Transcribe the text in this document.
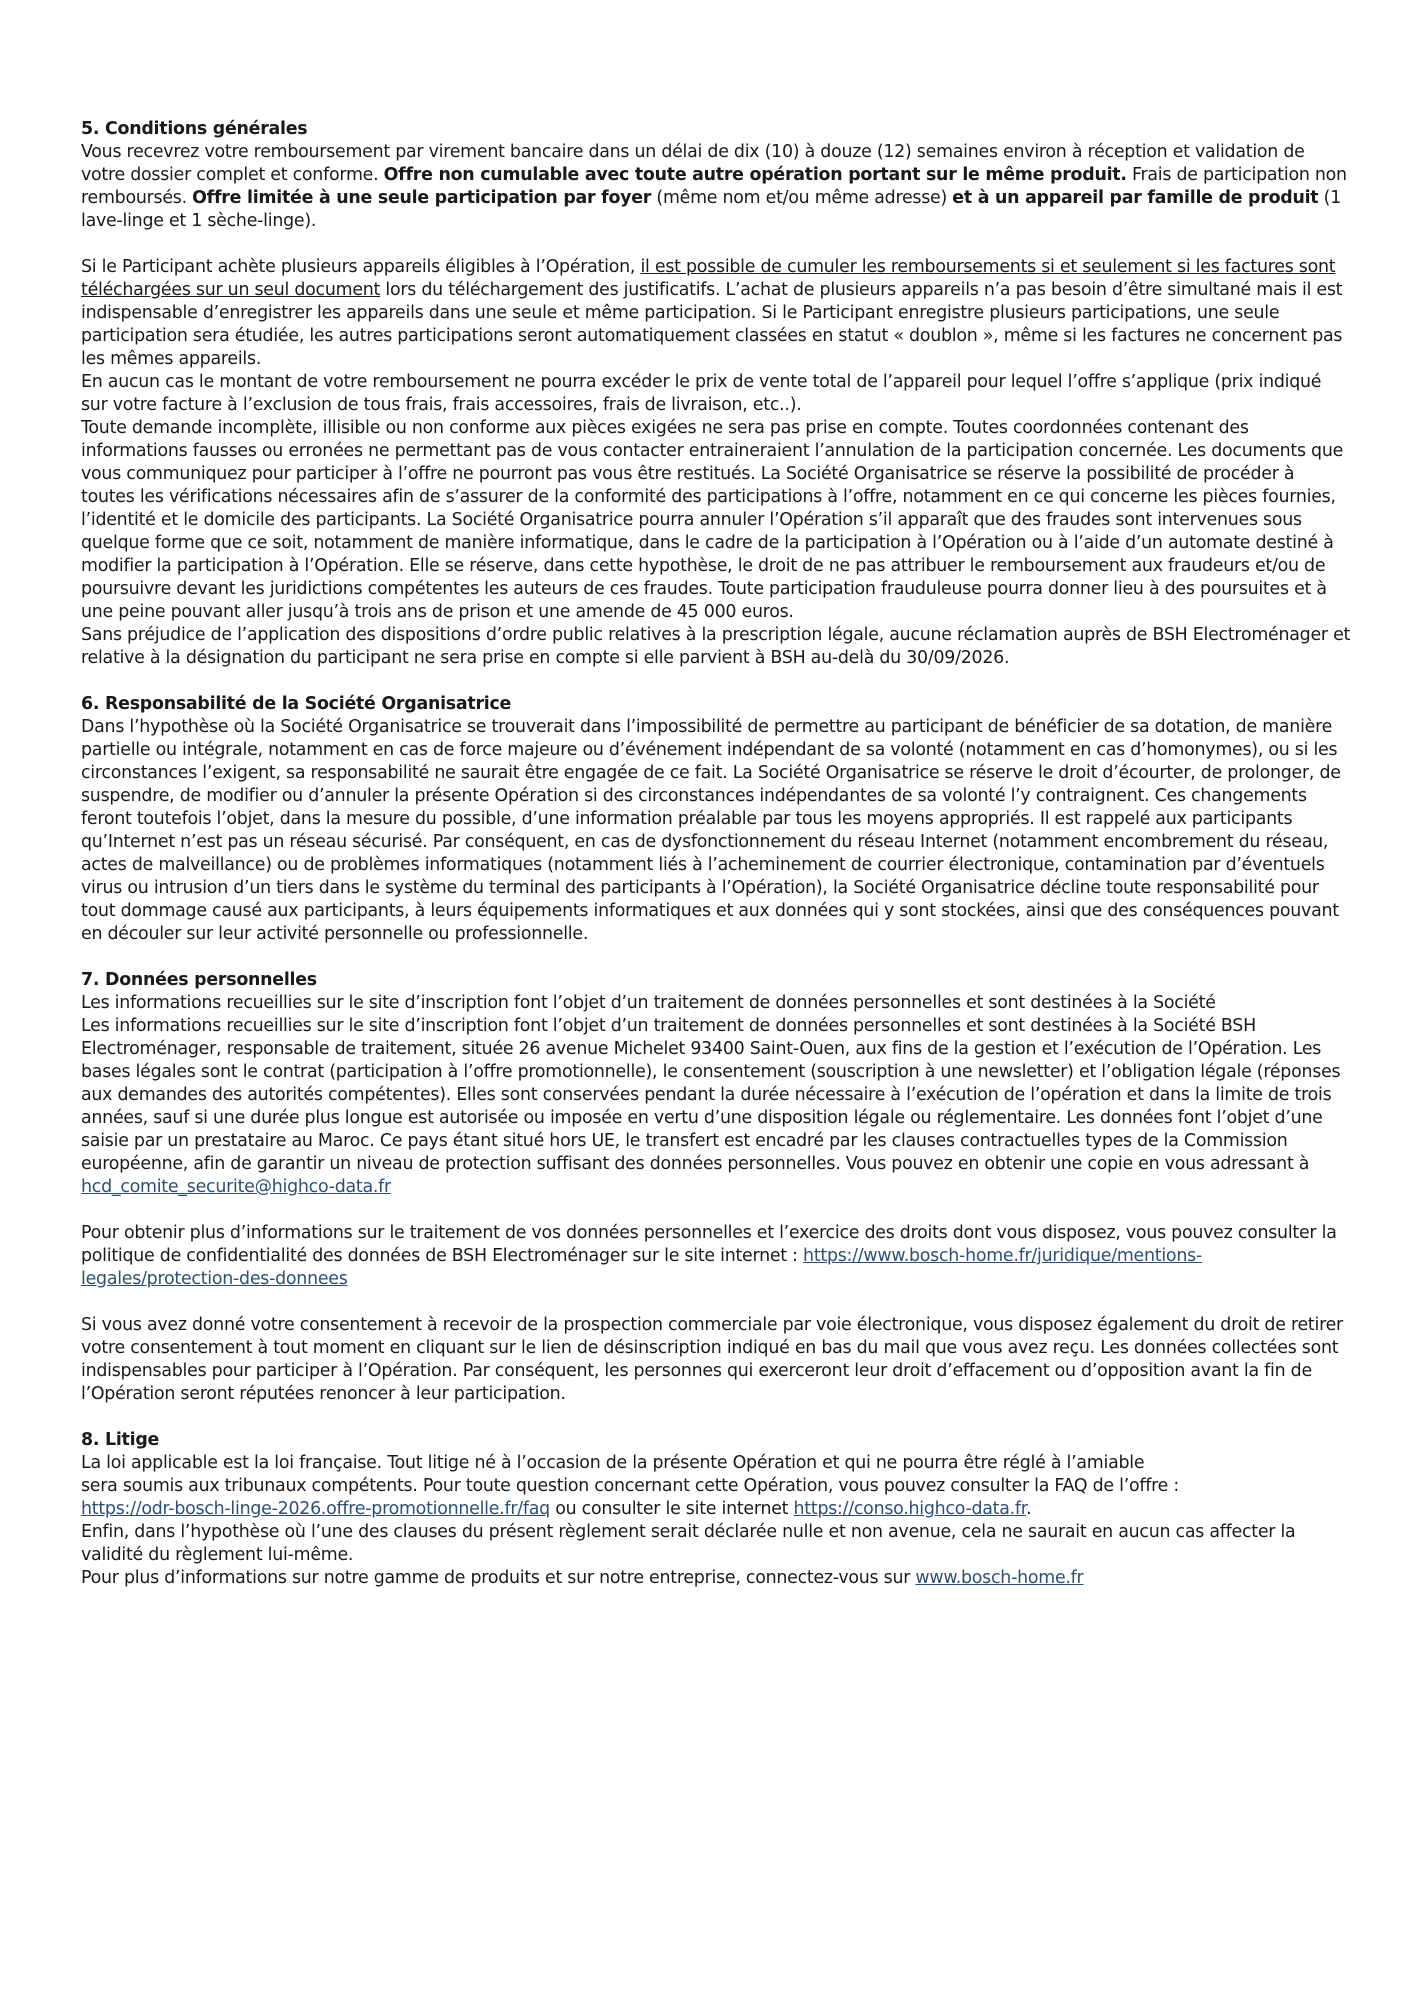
5. Conditions générales

Vous recevrez votre remboursement par virement bancaire dans un délai de dix (10) à douze (12) semaines environ à réception et validation de votre dossier complet et conforme. Offre non cumulable avec toute autre opération portant sur le même produit. Frais de participation non remboursés. Offre limitée à une seule participation par foyer (même nom et/ou même adresse) et à un appareil par famille de produit (1 lave-linge et 1 sèche-linge).

Si le Participant achète plusieurs appareils éligibles à l’Opération, il est possible de cumuler les remboursements si et seulement si les factures sont téléchargées sur un seul document lors du téléchargement des justificatifs. L’achat de plusieurs appareils n’a pas besoin d’être simultané mais il est indispensable d’enregistrer les appareils dans une seule et même participation. Si le Participant enregistre plusieurs participations, une seule participation sera étudiée, les autres participations seront automatiquement classées en statut « doublon », même si les factures ne concernent pas les mêmes appareils.

En aucun cas le montant de votre remboursement ne pourra excéder le prix de vente total de l’appareil pour lequel l’offre s’applique (prix indiqué sur votre facture à l’exclusion de tous frais, frais accessoires, frais de livraison, etc..).

Toute demande incomplète, illisible ou non conforme aux pièces exigées ne sera pas prise en compte. Toutes coordonnées contenant des informations fausses ou erronées ne permettant pas de vous contacter entraineraient l’annulation de la participation concernée. Les documents que vous communiquez pour participer à l’offre ne pourront pas vous être restitués. La Société Organisatrice se réserve la possibilité de procéder à toutes les vérifications nécessaires afin de s’assurer de la conformité des participations à l’offre, notamment en ce qui concerne les pièces fournies, l’identité et le domicile des participants. La Société Organisatrice pourra annuler l’Opération s’il apparaît que des fraudes sont intervenues sous quelque forme que ce soit, notamment de manière informatique, dans le cadre de la participation à l’Opération ou à l’aide d’un automate destiné à modifier la participation à l’Opération. Elle se réserve, dans cette hypothèse, le droit de ne pas attribuer le remboursement aux fraudeurs et/ou de poursuivre devant les juridictions compétentes les auteurs de ces fraudes. Toute participation frauduleuse pourra donner lieu à des poursuites et à une peine pouvant aller jusqu’à trois ans de prison et une amende de 45 000 euros.

Sans préjudice de l’application des dispositions d’ordre public relatives à la prescription légale, aucune réclamation auprès de BSH Electroménager et relative à la désignation du participant ne sera prise en compte si elle parvient à BSH au-delà du 30/09/2026.

6. Responsabilité de la Société Organisatrice

Dans l’hypothèse où la Société Organisatrice se trouverait dans l’impossibilité de permettre au participant de bénéficier de sa dotation, de manière partielle ou intégrale, notamment en cas de force majeure ou d’événement indépendant de sa volonté (notamment en cas d’homonymes), ou si les circonstances l’exigent, sa responsabilité ne saurait être engagée de ce fait. La Société Organisatrice se réserve le droit d’écourter, de prolonger, de suspendre, de modifier ou d’annuler la présente Opération si des circonstances indépendantes de sa volonté l’y contraignent. Ces changements feront toutefois l’objet, dans la mesure du possible, d’une information préalable par tous les moyens appropriés. Il est rappelé aux participants qu’Internet n’est pas un réseau sécurisé. Par conséquent, en cas de dysfonctionnement du réseau Internet (notamment encombrement du réseau, actes de malveillance) ou de problèmes informatiques (notamment liés à l’acheminement de courrier électronique, contamination par d’éventuels virus ou intrusion d’un tiers dans le système du terminal des participants à l’Opération), la Société Organisatrice décline toute responsabilité pour tout dommage causé aux participants, à leurs équipements informatiques et aux données qui y sont stockées, ainsi que des conséquences pouvant en découler sur leur activité personnelle ou professionnelle.

7. Données personnelles

Les informations recueillies sur le site d’inscription font l’objet d’un traitement de données personnelles et sont destinées à la Société

Les informations recueillies sur le site d’inscription font l’objet d’un traitement de données personnelles et sont destinées à la Société BSH Electroménager, responsable de traitement, située 26 avenue Michelet 93400 Saint-Ouen, aux fins de la gestion et l’exécution de l’Opération. Les bases légales sont le contrat (participation à l’offre promotionnelle), le consentement (souscription à une newsletter) et l’obligation légale (réponses aux demandes des autorités compétentes). Elles sont conservées pendant la durée nécessaire à l’exécution de l’opération et dans la limite de trois années, sauf si une durée plus longue est autorisée ou imposée en vertu d’une disposition légale ou réglementaire. Les données font l’objet d’une saisie par un prestataire au Maroc. Ce pays étant situé hors UE, le transfert est encadré par les clauses contractuelles types de la Commission européenne, afin de garantir un niveau de protection suffisant des données personnelles. Vous pouvez en obtenir une copie en vous adressant à hcd_comite_securite@highco-data.fr

Pour obtenir plus d’informations sur le traitement de vos données personnelles et l’exercice des droits dont vous disposez, vous pouvez consulter la politique de confidentialité des données de BSH Electroménager sur le site internet : https://www.bosch-home.fr/juridique/mentions-legales/protection-des-donnees

Si vous avez donné votre consentement à recevoir de la prospection commerciale par voie électronique, vous disposez également du droit de retirer votre consentement à tout moment en cliquant sur le lien de désinscription indiqué en bas du mail que vous avez reçu. Les données collectées sont indispensables pour participer à l’Opération. Par conséquent, les personnes qui exerceront leur droit d’effacement ou d’opposition avant la fin de l’Opération seront réputées renoncer à leur participation.

8. Litige

La loi applicable est la loi française. Tout litige né à l’occasion de la présente Opération et qui ne pourra être réglé à l’amiable

sera soumis aux tribunaux compétents. Pour toute question concernant cette Opération, vous pouvez consulter la FAQ de l’offre :

https://odr-bosch-linge-2026.offre-promotionnelle.fr/faq ou consulter le site internet https://conso.highco-data.fr.

Enfin, dans l’hypothèse où l’une des clauses du présent règlement serait déclarée nulle et non avenue, cela ne saurait en aucun cas affecter la validité du règlement lui-même.

Pour plus d’informations sur notre gamme de produits et sur notre entreprise, connectez-vous sur www.bosch-home.fr
